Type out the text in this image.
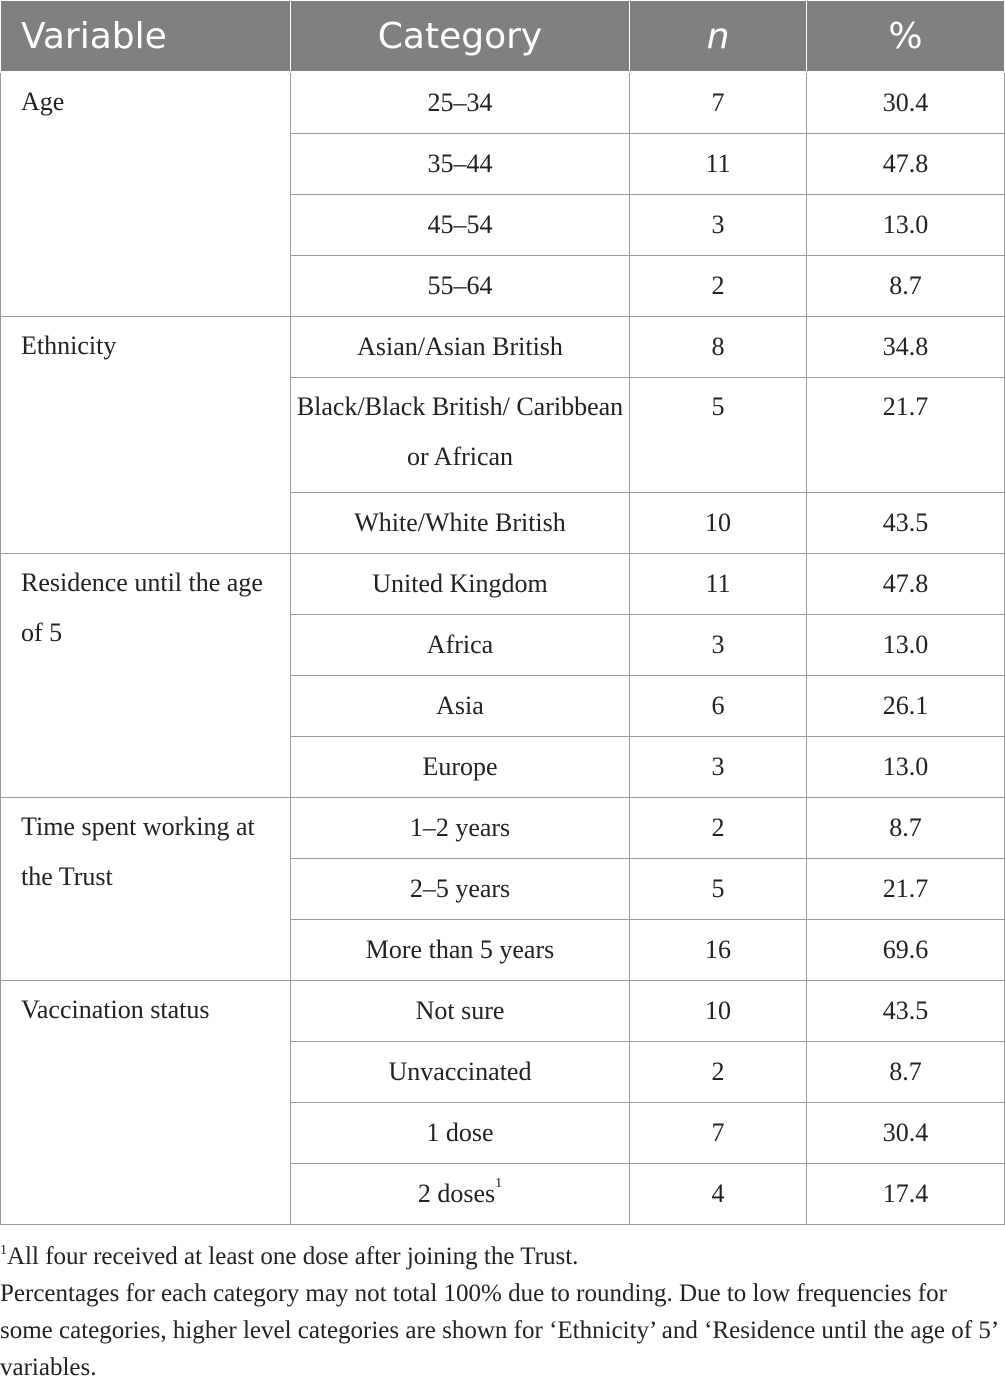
Variable	Category	n	%
Age	25–34	7	30.4
	35–44	11	47.8
	45–54	3	13.0
	55–64	2	8.7
Ethnicity	Asian/Asian British	8	34.8
	Black/Black British/ Caribbean or African	5	21.7
	White/White British	10	43.5
Residence until the age of 5	United Kingdom	11	47.8
	Africa	3	13.0
	Asia	6	26.1
	Europe	3	13.0
Time spent working at the Trust	1–2 years	2	8.7
	2–5 years	5	21.7
	More than 5 years	16	69.6
Vaccination status	Not sure	10	43.5
	Unvaccinated	2	8.7
	1 dose	7	30.4
	2 doses$^1$	4	17.4

$^1$All four received at least one dose after joining the Trust.

Percentages for each category may not total 100% due to rounding. Due to low frequencies for some categories, higher level categories are shown for ‘Ethnicity’ and ‘Residence until the age of 5’ variables.
